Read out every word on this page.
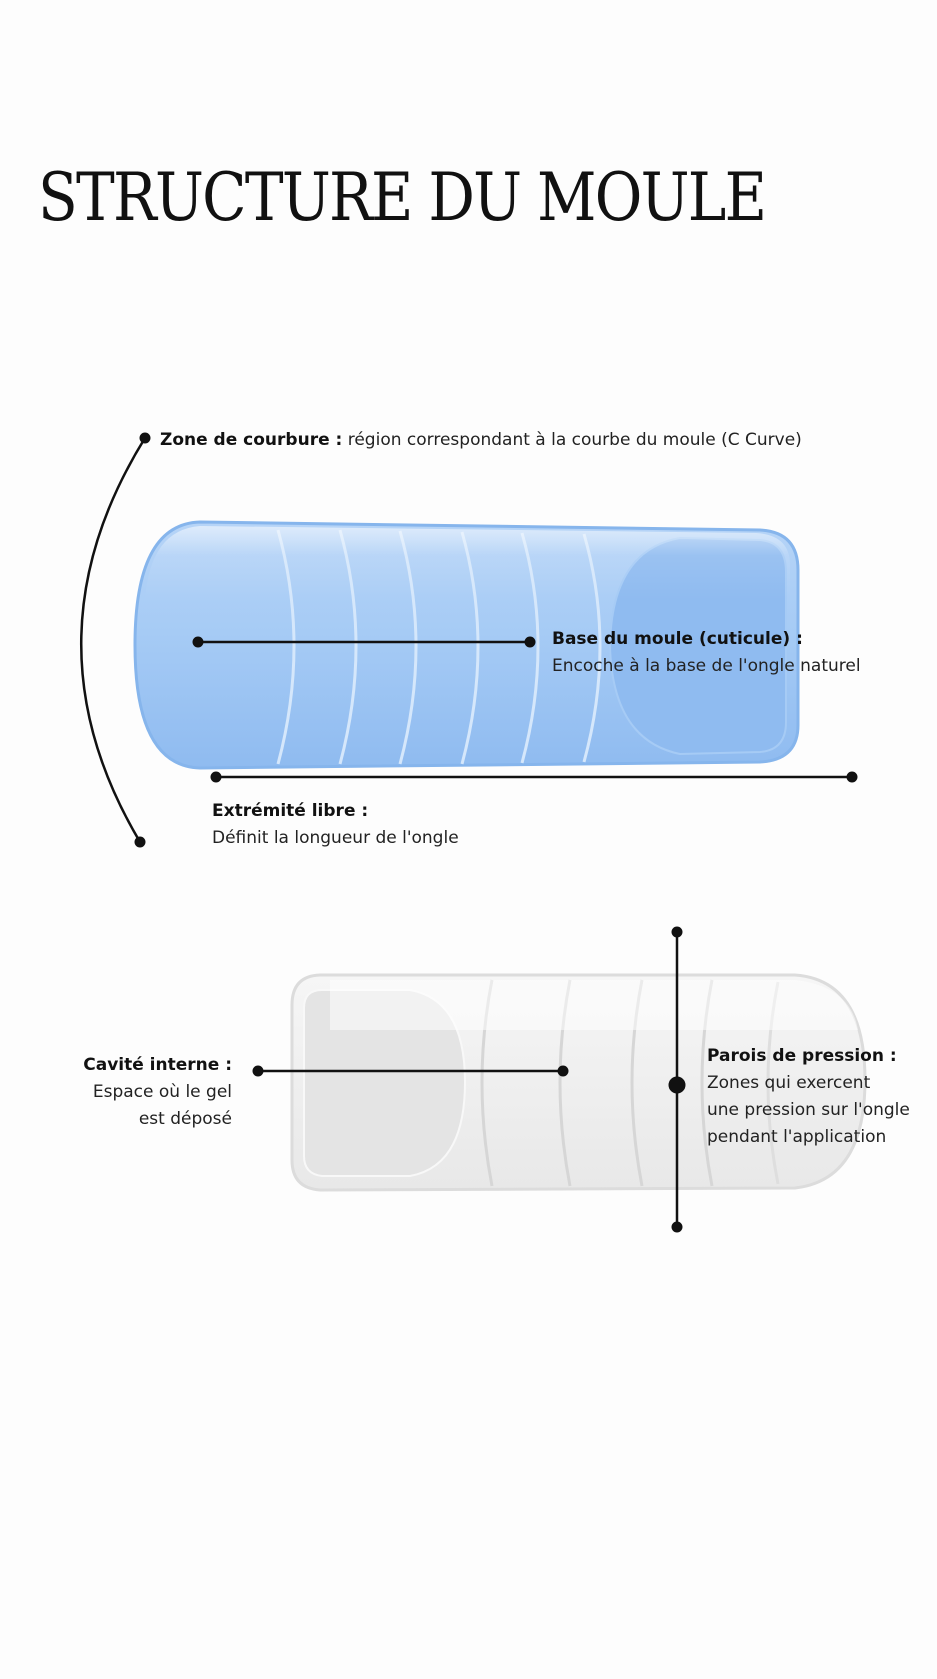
STRUCTURE DU MOULE
Zone de courbure : région correspondant à la courbe du moule (C Curve)
Base du moule (cuticule) :
Encoche à la base de l'ongle naturel
Extrémité libre :
Définit la longueur de l'ongle
Cavité interne :
Espace où le gel
est déposé
Parois de pression :
Zones qui exercent
une pression sur l'ongle
pendant l'application
